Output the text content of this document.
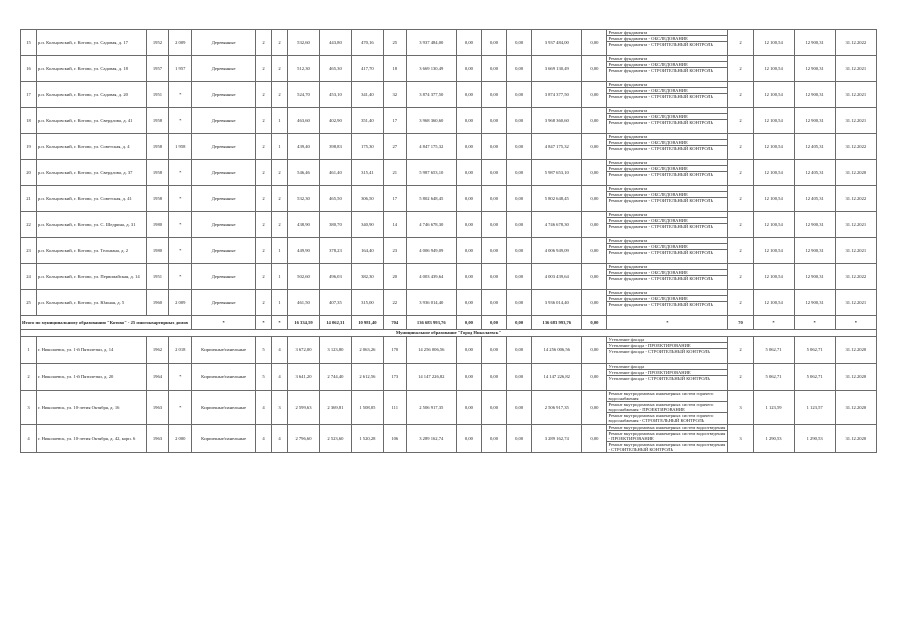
15	р.п. Кольцовский, г. Котово, ул. Садовая, д. 17	1952	2 009	Деревянные	2	2	532,60	443,80	470,16	25	3 937 484,00	0,00	0,00	0,00	3 937 484,00	0,00	Ремонт фундамента
Ремонт фундамента - ОБСЛЕДОВАНИЕ
Ремонт фундамента - СТРОИТЕЛЬНЫЙ КОНТРОЛЬ	2	12 100,54	12 900,31	31.12.2022
16	р.п. Кольцовский, г. Котово, ул. Садовая, д. 18	1957	1 957	Деревянные	2	2	512,30	465,30	417,70	18	3 669 130,49	0,00	0,00	0,00	3 669 130,49	0,00	Ремонт фундамента
Ремонт фундамента - ОБСЛЕДОВАНИЕ
Ремонт фундамента - СТРОИТЕЛЬНЫЙ КОНТРОЛЬ	2	12 100,54	12 900,31	31.12.2021
17	р.п. Кольцовский, г. Котово, ул. Садовая, д. 20	1951	*	Деревянные	2	2	524,70	453,10	341,40	32	3 874 377,50	0,00	0,00	0,00	3 874 377,50	0,00	Ремонт фундамента
Ремонт фундамента - ОБСЛЕДОВАНИЕ
Ремонт фундамента - СТРОИТЕЛЬНЫЙ КОНТРОЛЬ	2	12 100,54	12 900,31	31.12.2021
18	р.п. Кольцовский, г. Котово, ул. Свердлова, д. 41	1958	*	Деревянные	2	1	463,60	402,90	351,40	17	3 968 360,60	0,00	0,00	0,00	3 968 360,60	0,00	Ремонт фундамента
Ремонт фундамента - ОБСЛЕДОВАНИЕ
Ремонт фундамента - СТРОИТЕЛЬНЫЙ КОНТРОЛЬ	2	12 100,54	12 900,31	31.12.2021
19	р.п. Кольцовский, г. Котово, ул. Советская, д. 4	1958	1 958	Деревянные	2	1	439,40	398,83	175,30	27	4 847 175,32	0,00	0,00	0,00	4 847 175,32	0,00	Ремонт фундамента
Ремонт фундамента - ОБСЛЕДОВАНИЕ
Ремонт фундамента - СТРОИТЕЛЬНЫЙ КОНТРОЛЬ	2	12 100,54	12 405,31	31.12.2022
20	р.п. Кольцовский, г. Котово, ул. Свердлова, д. 37	1958	*	Деревянные	2	2	546,46	461,40	315,41	21	5 987 653,10	0,00	0,00	0,00	5 987 653,10	0,00	Ремонт фундамента
Ремонт фундамента - ОБСЛЕДОВАНИЕ
Ремонт фундамента - СТРОИТЕЛЬНЫЙ КОНТРОЛЬ	2	12 100,54	12 405,31	31.12.2020
21	р.п. Кольцовский, г. Котово, ул. Советская, д. 41	1958	*	Деревянные	2	2	532,30	465,50	306,50	17	5 802 648,45	0,00	0,00	0,00	5 802 648,45	0,00	Ремонт фундамента
Ремонт фундамента - ОБСЛЕДОВАНИЕ
Ремонт фундамента - СТРОИТЕЛЬНЫЙ КОНТРОЛЬ	2	12 100,54	12 405,31	31.12.2022
22	р.п. Кольцовский, г. Котово, ул. С. Шедрина, д. 31	1980	*	Деревянные	2	2	438,90	380,70	340,90	14	4 746 678,30	0,00	0,00	0,00	4 746 678,30	0,00	Ремонт фундамента
Ремонт фундамента - ОБСЛЕДОВАНИЕ
Ремонт фундамента - СТРОИТЕЛЬНЫЙ КОНТРОЛЬ	2	12 100,54	12 900,31	31.12.2021
23	р.п. Кольцовский, г. Котово, ул. Тельмана, д. 2	1980	*	Деревянные	2	1	449,90	378,23	164,40	23	4 006 949,09	0,00	0,00	0,00	4 006 949,09	0,00	Ремонт фундамента
Ремонт фундамента - ОБСЛЕДОВАНИЕ
Ремонт фундамента - СТРОИТЕЛЬНЫЙ КОНТРОЛЬ	2	12 100,54	12 900,31	31.12.2021
24	р.п. Кольцовский, г. Котово, ул. Первомайская, д. 14	1951	*	Деревянные	2	1	502,60	496,03	382,30	20	4 003 439,64	0,00	0,00	0,00	4 003 439,64	0,00	Ремонт фундамента
Ремонт фундамента - ОБСЛЕДОВАНИЕ
Ремонт фундамента - СТРОИТЕЛЬНЫЙ КОНТРОЛЬ	2	12 100,54	12 900,31	31.12.2022
25	р.п. Кольцовский, г. Котово, ул. Южная, д. 5	1960	2 009	Деревянные	2	1	461,50	407,35	315,00	22	3 936 014,40	0,00	0,00	0,00	3 936 014,40	0,00	Ремонт фундамента
Ремонт фундамента - ОБСЛЕДОВАНИЕ
Ремонт фундамента - СТРОИТЕЛЬНЫЙ КОНТРОЛЬ	2	12 100,54	12 900,31	31.12.2021
Итого по муниципальному образованию "Котово" - 25 многоквартирных домов				*	*	*	16 334,59	14 062,31	10 981,40	704	136 683 993,76	0,00	0,00	0,00	136 683 993,76	0,00	*	70	*	*	*
Муниципальное образование "Город Николаевск"																					
1	г. Николаевск, ул. 1-й Пятилетки, д. 14	1962	2 018	Кирпичные/панельные	5	4	3 672,00	3 123,80	2 063,26	170	14 256 006,56	0,00	0,00	0,00	14 256 006,56	0,00	Утепление фасада
Утепление фасада - ПРОЕКТИРОВАНИЕ
Утепление фасада - СТРОИТЕЛЬНЫЙ КОНТРОЛЬ	2	5 062,71	5 062,71	31.12.2020
2	г. Николаевск, ул. 1-й Пятилетки, д. 20	1964	*	Кирпичные/панельные	5	4	3 641,20	2 744,40	2 612,56	173	14 147 226,82	0,00	0,00	0,00	14 147 226,82	0,00	Утепление фасада
Утепление фасада - ПРОЕКТИРОВАНИЕ
Утепление фасада - СТРОИТЕЛЬНЫЙ КОНТРОЛЬ	2	5 062,71	5 062,71	31.12.2020
3	г. Николаевск, ул. 10-летия Октября, д. 16	1963	*	Кирпичные/панельные	4	3	2 599,63	2 369,81	1 508,05	111	2 506 917,35	0,00	0,00	0,00	2 506 917,35	0,00	Ремонт внутридомовых инженерных систем горячего водоснабжения
Ремонт внутридомовых инженерных систем горячего водоснабжения - ПРОЕКТИРОВАНИЕ
Ремонт внутридомовых инженерных систем горячего водоснабжения - СТРОИТЕЛЬНЫЙ КОНТРОЛЬ	3	1 123,59	1 123,57	31.12.2020
4	г. Николаевск, ул. 10-летия Октября, д. 42, корп. 6	1963	2 000	Кирпичные/панельные	4	4	2 796,60	2 523,60	1 520,28	106	3 289 162,74	0,00	0,00	0,00	3 289 162,74	0,00	Ремонт внутридомовых инженерных систем водоотведения
Ремонт внутридомовых инженерных систем водоотведения - ПРОЕКТИРОВАНИЕ
Ремонт внутридомовых инженерных систем водоотведения - СТРОИТЕЛЬНЫЙ КОНТРОЛЬ	3	1 290,53	1 290,53	31.12.2020
